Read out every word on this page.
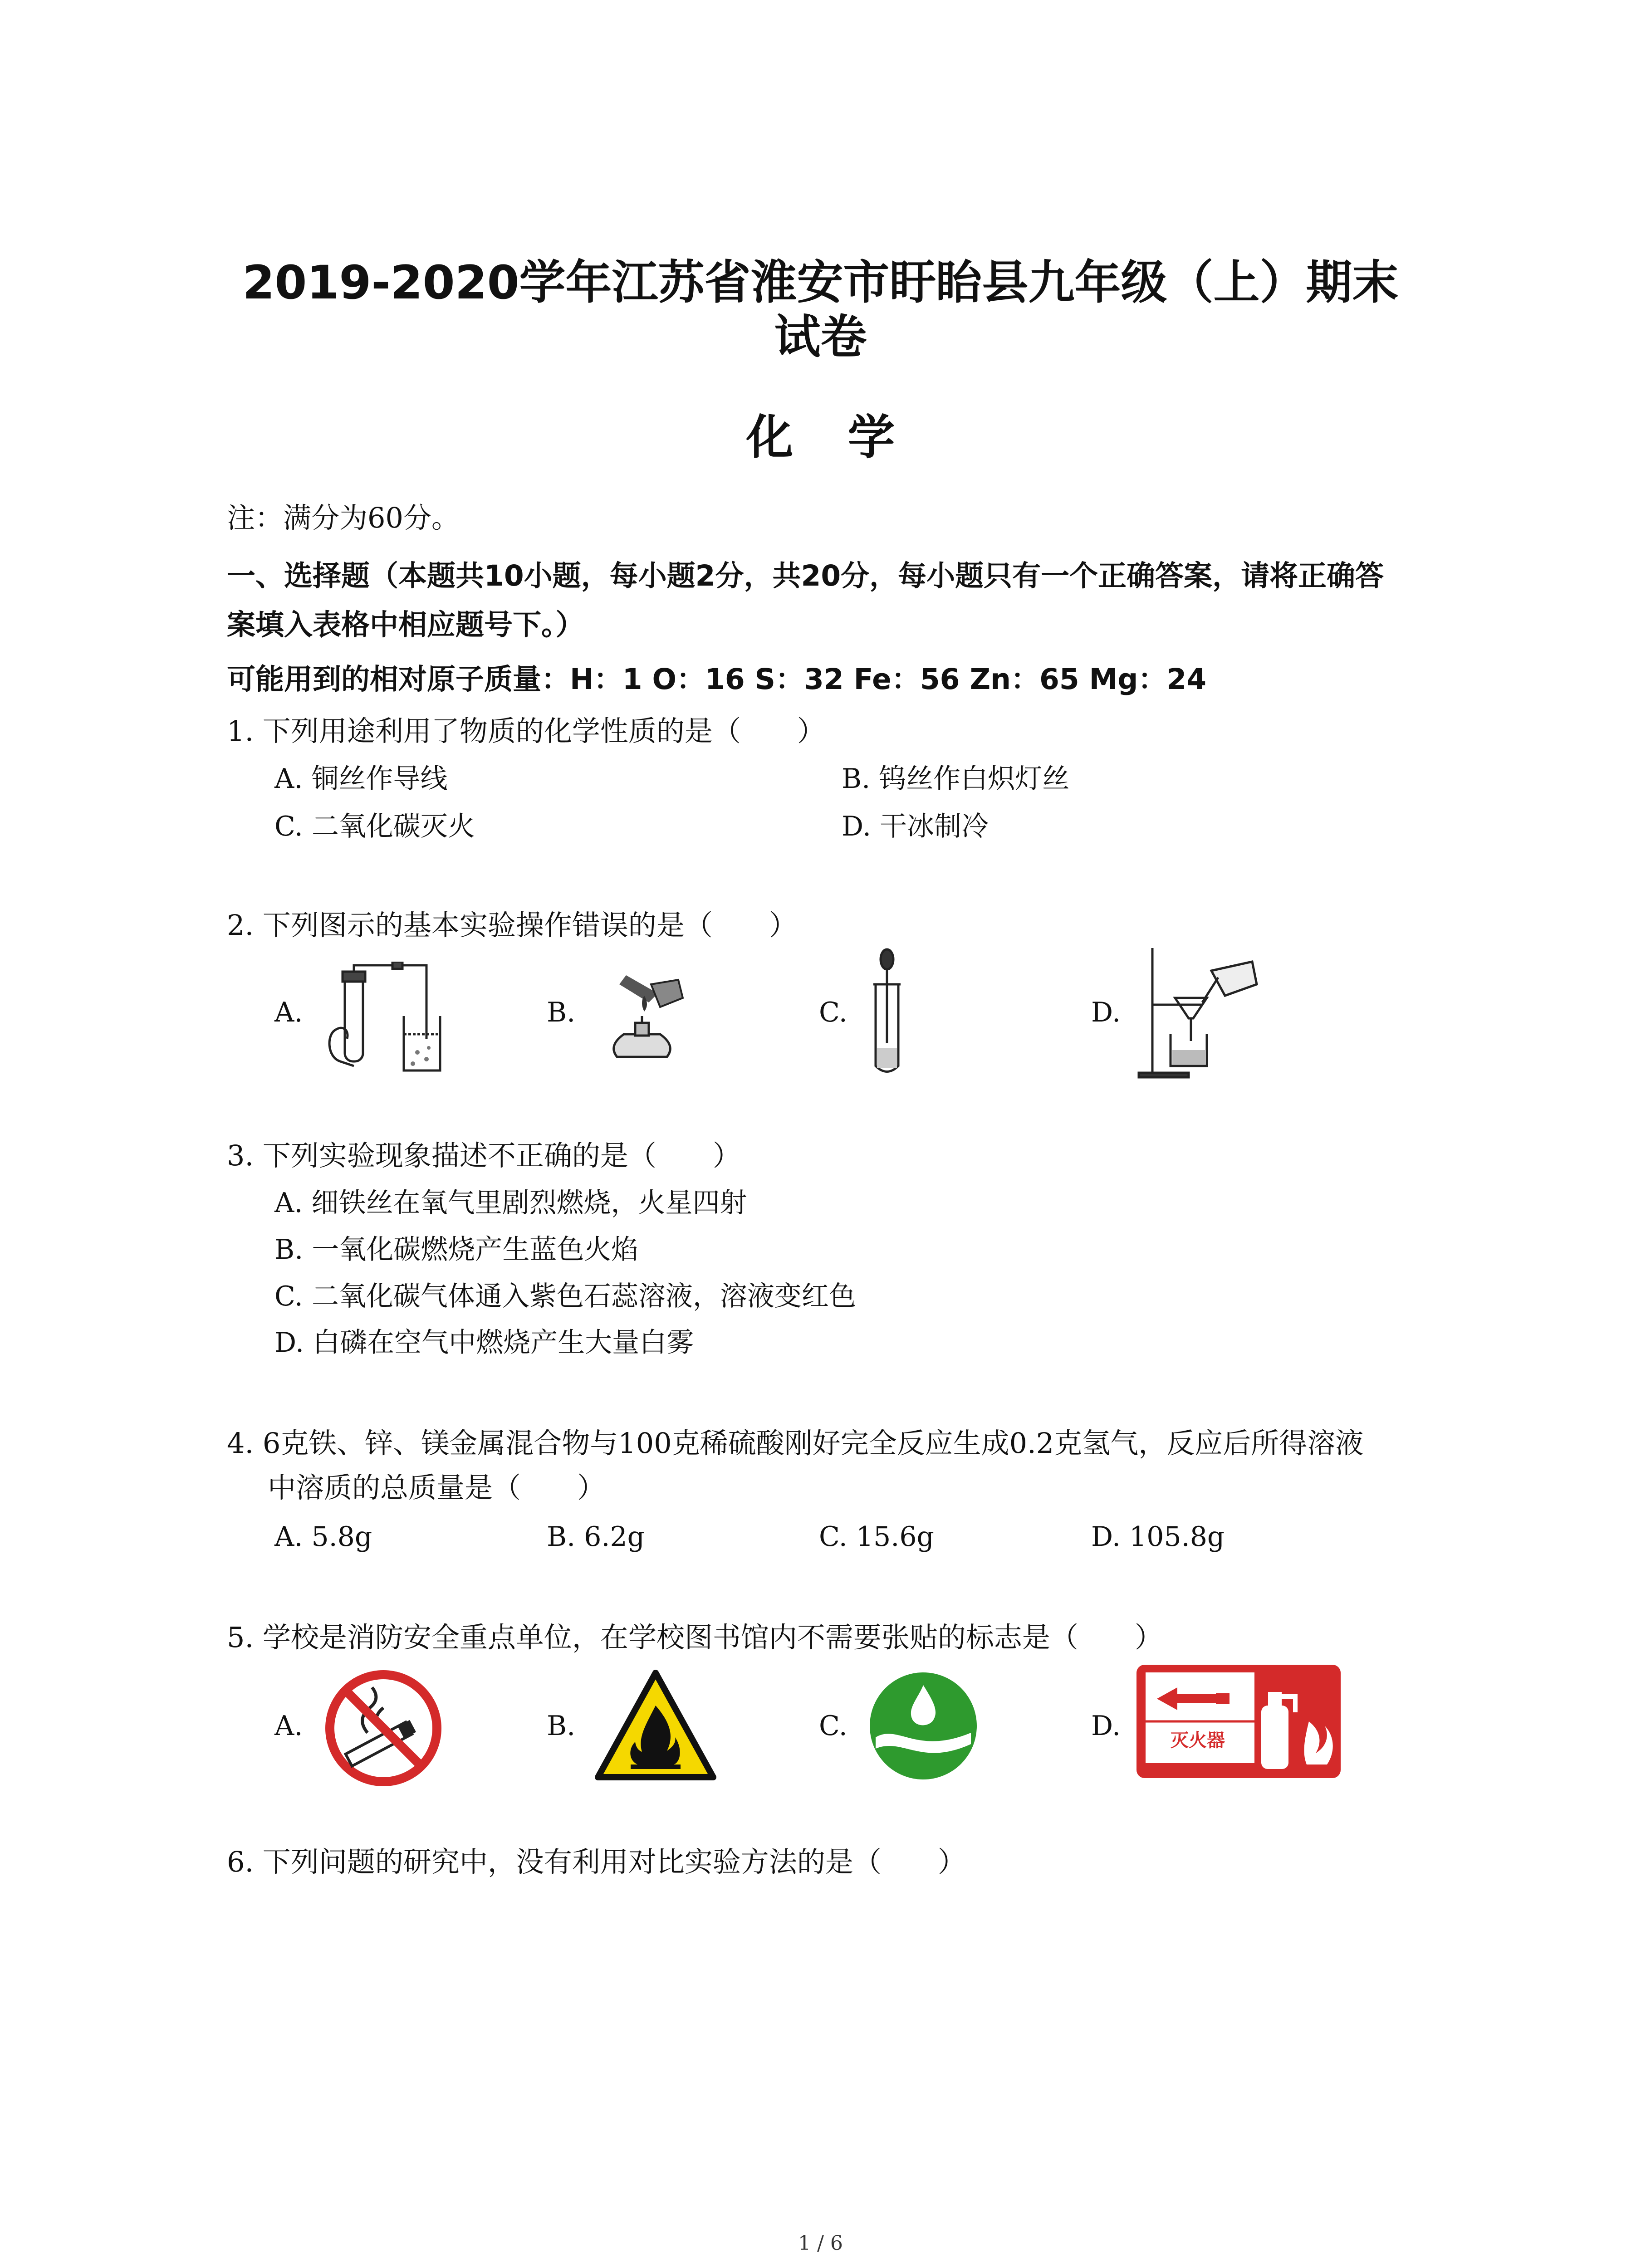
2019-2020学年江苏省淮安市盱眙县九年级（上）期末
试卷
化学
注：满分为60分。
一、选择题（本题共10小题，每小题2分，共20分，每小题只有一个正确答案，请将正确答
案填入表格中相应题号下。）
可能用到的相对原子质量：H：1 O：16 S：32 Fe：56 Zn：65 Mg：24
1. 下列用途利用了物质的化学性质的是（　　）
A. 铜丝作导线	B. 钨丝作白炽灯丝
C. 二氧化碳灭火	D. 干冰制冷
2. 下列图示的基本实验操作错误的是（　　）
A.	B.	C.	D.
3. 下列实验现象描述不正确的是（　　）
A. 细铁丝在氧气里剧烈燃烧，火星四射
B. 一氧化碳燃烧产生蓝色火焰
C. 二氧化碳气体通入紫色石蕊溶液，溶液变红色
D. 白磷在空气中燃烧产生大量白雾
4. 6克铁、锌、镁金属混合物与100克稀硫酸刚好完全反应生成0.2克氢气，反应后所得溶液
中溶质的总质量是（　　）
A. 5.8g	B. 6.2g	C. 15.6g	D. 105.8g
5. 学校是消防安全重点单位，在学校图书馆内不需要张贴的标志是（　　）
A.	B.	C.	D.	灭火器
6. 下列问题的研究中，没有利用对比实验方法的是（　　）
1 / 6
